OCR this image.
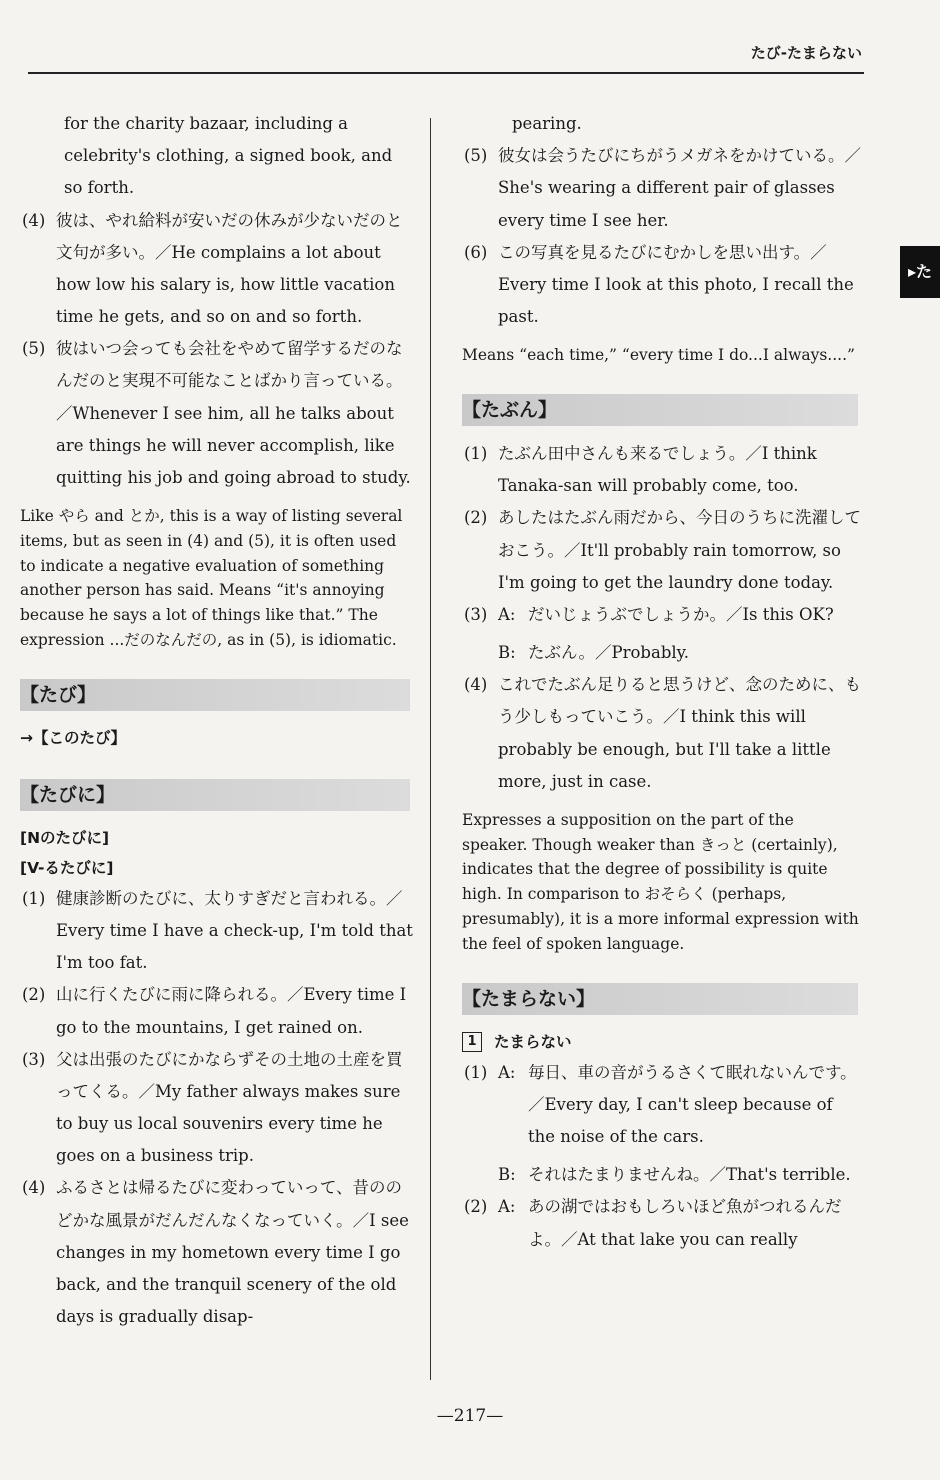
たび-たまらない
▸た

for the charity bazaar, including a celebrity's clothing, a signed book, and so forth.

(4) 彼は、やれ給料が安いだの休みが少ないだのと文句が多い。／He complains a lot about how low his salary is, how little vacation time he gets, and so on and so forth.

(5) 彼はいつ会っても会社をやめて留学するだのなんだのと実現不可能なことばかり言っている。／Whenever I see him, all he talks about are things he will never accomplish, like quitting his job and going abroad to study.

Like やら and とか, this is a way of listing several items, but as seen in (4) and (5), it is often used to indicate a negative evaluation of something another person has said. Means “it's annoying because he says a lot of things like that.” The expression ...だのなんだの, as in (5), is idiomatic.

【たび】

→【このたび】

【たびに】

[Nのたびに]

[V-るたびに]

(1) 健康診断のたびに、太りすぎだと言われる。／Every time I have a check-up, I'm told that I'm too fat.

(2) 山に行くたびに雨に降られる。／Every time I go to the mountains, I get rained on.

(3) 父は出張のたびにかならずその土地の土産を買ってくる。／My father always makes sure to buy us local souvenirs every time he goes on a business trip.

(4) ふるさとは帰るたびに変わっていって、昔ののどかな風景がだんだんなくなっていく。／I see changes in my hometown every time I go back, and the tranquil scenery of the old days is gradually disap-

pearing.

(5) 彼女は会うたびにちがうメガネをかけている。／She's wearing a different pair of glasses every time I see her.

(6) この写真を見るたびにむかしを思い出す。／Every time I look at this photo, I recall the past.

Means “each time,” “every time I do...I always....”

【たぶん】

(1) たぶん田中さんも来るでしょう。／I think Tanaka-san will probably come, too.

(2) あしたはたぶん雨だから、今日のうちに洗濯しておこう。／It'll probably rain tomorrow, so I'm going to get the laundry done today.

(3) A: だいじょうぶでしょうか。／Is this OK?
B: たぶん。／Probably.

(4) これでたぶん足りると思うけど、念のために、もう少しもっていこう。／I think this will probably be enough, but I'll take a little more, just in case.

Expresses a supposition on the part of the speaker. Though weaker than きっと (certainly), indicates that the degree of possibility is quite high. In comparison to おそらく (perhaps, presumably), it is a more informal expression with the feel of spoken language.

【たまらない】

1 たまらない

(1) A: 毎日、車の音がうるさくて眠れないんです。／Every day, I can't sleep because of the noise of the cars.
B: それはたまりませんね。／That's terrible.
(2) A: あの湖ではおもしろいほど魚がつれるんだよ。／At that lake you can really
—217—
